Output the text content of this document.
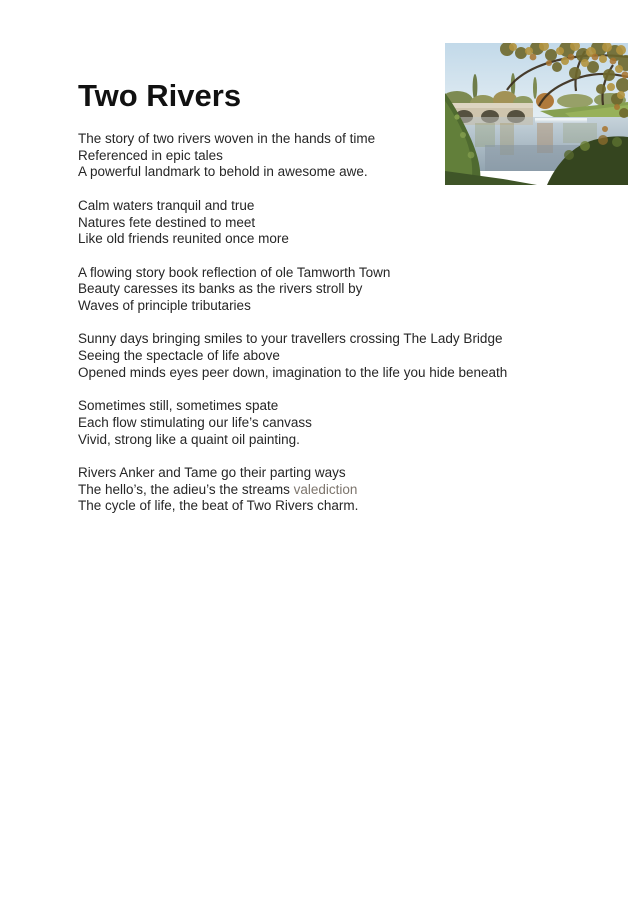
Two Rivers

The story of two rivers woven in the hands of time
Referenced in epic tales
A powerful landmark to behold in awesome awe.

Calm waters tranquil and true
Natures fete destined to meet
Like old friends reunited once more

A flowing story book reflection of ole Tamworth Town
Beauty caresses its banks as the rivers stroll by
Waves of principle tributaries

Sunny days bringing smiles to your travellers crossing The Lady Bridge
Seeing the spectacle of life above
Opened minds eyes peer down, imagination to the life you hide beneath

Sometimes still, sometimes spate
Each flow stimulating our life’s canvass
Vivid, strong like a quaint oil painting.

Rivers Anker and Tame go their parting ways
The hello’s, the adieu’s the streams valediction
The cycle of life, the beat of Two Rivers charm.
